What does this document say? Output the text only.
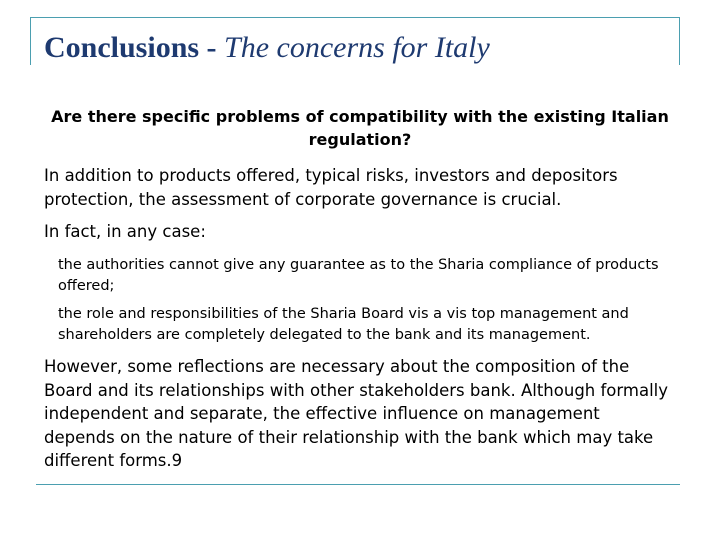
Conclusions - The concerns for Italy
Are there specific problems of compatibility with the existing Italian regulation?
In addition to products offered, typical risks, investors and depositors protection, the assessment of corporate governance is crucial.
In fact, in any case:
the authorities cannot give any guarantee as to the Sharia compliance of products offered;
the role and responsibilities of the Sharia Board vis a vis top management and shareholders are completely delegated to the bank and its management.
However, some reflections are necessary about the composition of the Board and its relationships with other stakeholders bank. Although formally independent and separate, the effective influence on management depends on the nature of their relationship with the bank which may take different forms.9
